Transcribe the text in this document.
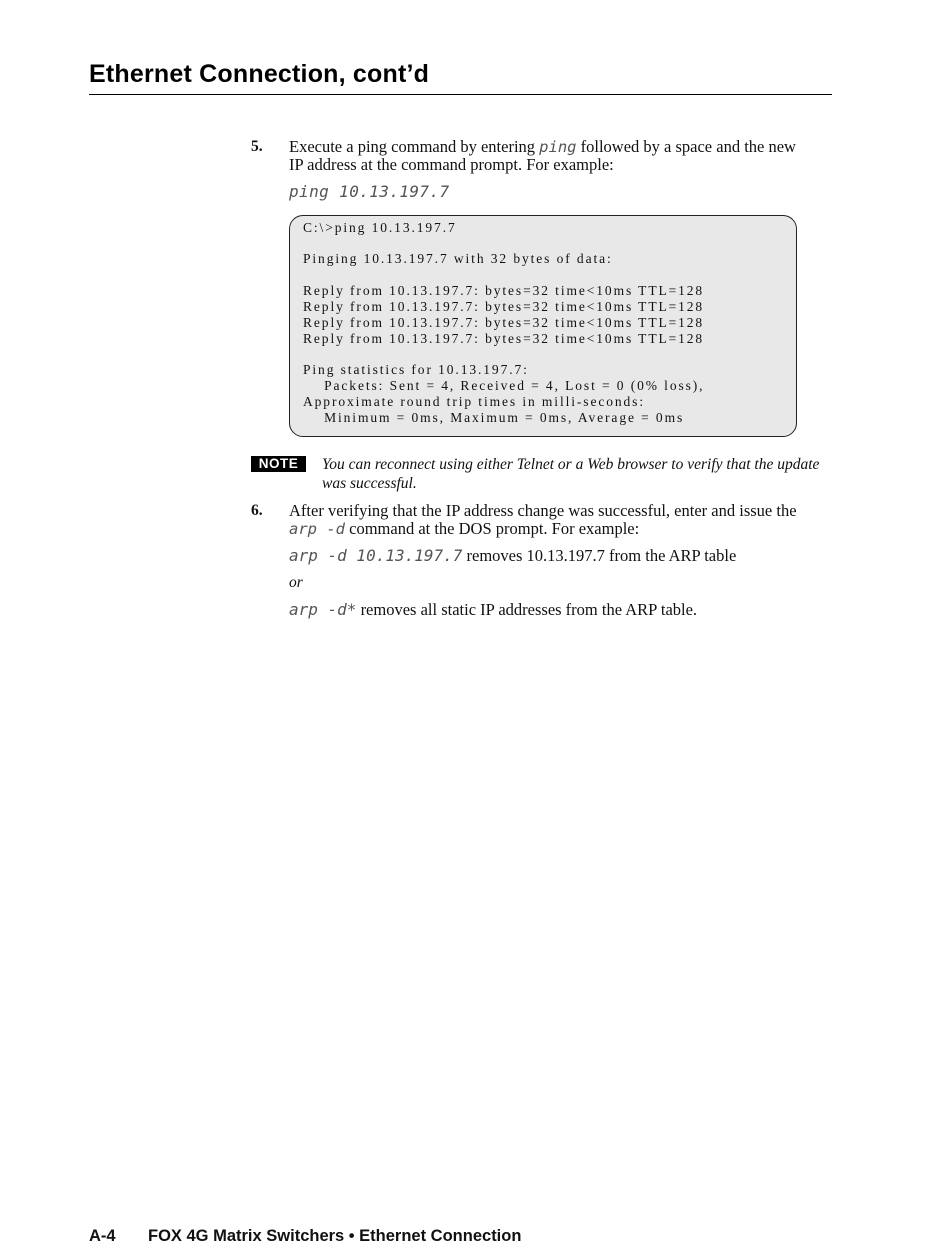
Ethernet Connection, cont’d
5. Execute a ping command by entering ping followed by a space and the new
IP address at the command prompt. For example:
ping 10.13.197.7
C:\>ping 10.13.197.7
Pinging 10.13.197.7 with 32 bytes of data:
Reply from 10.13.197.7: bytes=32 time<10ms TTL=128
Reply from 10.13.197.7: bytes=32 time<10ms TTL=128
Reply from 10.13.197.7: bytes=32 time<10ms TTL=128
Reply from 10.13.197.7: bytes=32 time<10ms TTL=128
Ping statistics for 10.13.197.7:
Packets: Sent = 4, Received = 4, Lost = 0 (0% loss),
Approximate round trip times in milli-seconds:
Minimum = 0ms, Maximum = 0ms, Average = 0ms
NOTE	You can reconnect using either Telnet or a Web browser to verify that the update was successful.
6. After verifying that the IP address change was successful, enter and issue the
arp -d command at the DOS prompt. For example:
arp -d 10.13.197.7 removes 10.13.197.7 from the ARP table
or
arp -d* removes all static IP addresses from the ARP table.
A-4 FOX 4G Matrix Switchers • Ethernet Connection
